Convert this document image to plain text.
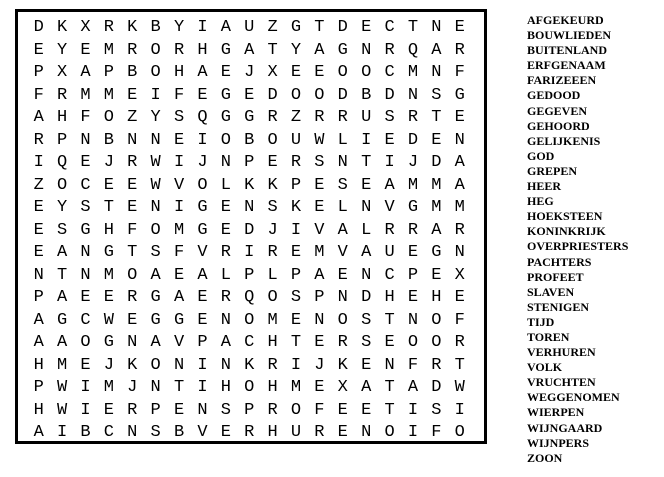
D K X R K B Y I A U Z G T D E C T N E
E Y E M R O R H G A T Y A G N R Q A R
P X A P B O H A E J X E E O O C M N F
F R M M E I F E G E D O O D B D N S G
A H F O Z Y S Q G G R Z R R U S R T E
R P N B N N E I O B O U W L I E D E N
I Q E J R W I J N P E R S N T I J D A
Z O C E E W V O L K K P E S E A M M A
E Y S T E N I G E N S K E L N V G M M
E S G H F O M G E D J I V A L R R A R
E A N G T S F V R I R E M V A U E G N
N T N M O A E A L P L P A E N C P E X
P A E E R G A E R Q O S P N D H E H E
A G C W E G G E N O M E N O S T N O F
A A O G N A V P A C H T E R S E O O R
H M E J K O N I N K R I J K E N F R T
P W I M J N T I H O H M E X A T A D W
H W I E R P E N S P R O F E E T I S I
A I B C N S B V E R H U R E N O I F O
AFGEKEURD
BOUWLIEDEN
BUITENLAND
ERFGENAAM
FARIZEEEN
GEDOOD
GEGEVEN
GEHOORD
GELIJKENIS
GOD
GREPEN
HEER
HEG
HOEKSTEEN
KONINKRIJK
OVERPRIESTERS
PACHTERS
PROFEET
SLAVEN
STENIGEN
TIJD
TOREN
VERHUREN
VOLK
VRUCHTEN
WEGGENOMEN
WIERPEN
WIJNGAARD
WIJNPERS
ZOON
